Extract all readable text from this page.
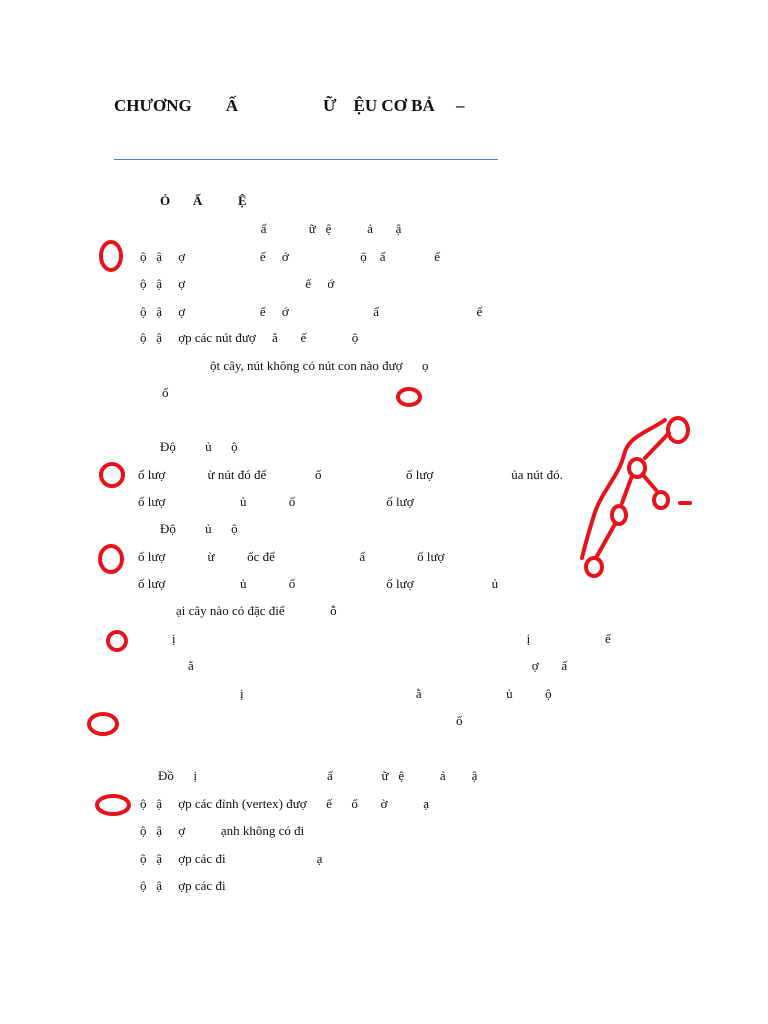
CHƯƠNG        Ấ                    Ữ    ỆU CƠ BẢ     –
Ỏ       Ấ           Ệ
ấ             ữ   ệ           ả       ậ
ộ   ậ     ợ                       ế     ớ                      ộ    ấ               ế
ộ   ậ     ợ                                     ế     ớ
ộ   ậ     ợ                       ế     ớ                          ấ                              ế
ộ   ậ     ợp các nút đượ     ắ       ế              ộ
ột cây, nút không có nút con nào đượ      ọ
ố
Độ         ủ      ộ
ố lượ             ừ nút đó để               ố                          ố lượ                        ủa nút đó.
ố lượ                       ủ             ố                            ố lượ
Độ         ủ      ộ
ố lượ             ừ          ốc để                          ấ                ố lượ
ố lượ                       ủ             ố                            ố lượ                        ủ
ại cây nào có đặc điể              ỗ
ị                                                                                                            ị                       ế
ằ                                                                                                        ợ       ấ
ị                                                     ằ                          ủ          ộ
ố
Đồ      ị                                        ấ               ữ   ệ           ả        ậ
ộ   ậ     ợp các đỉnh (vertex) đượ      ế      ố       ờ           ạ
ộ   ậ     ợ           ạnh không có đi
ộ   ậ     ợp các đi                            ạ
ộ   ậ     ợp các đi
